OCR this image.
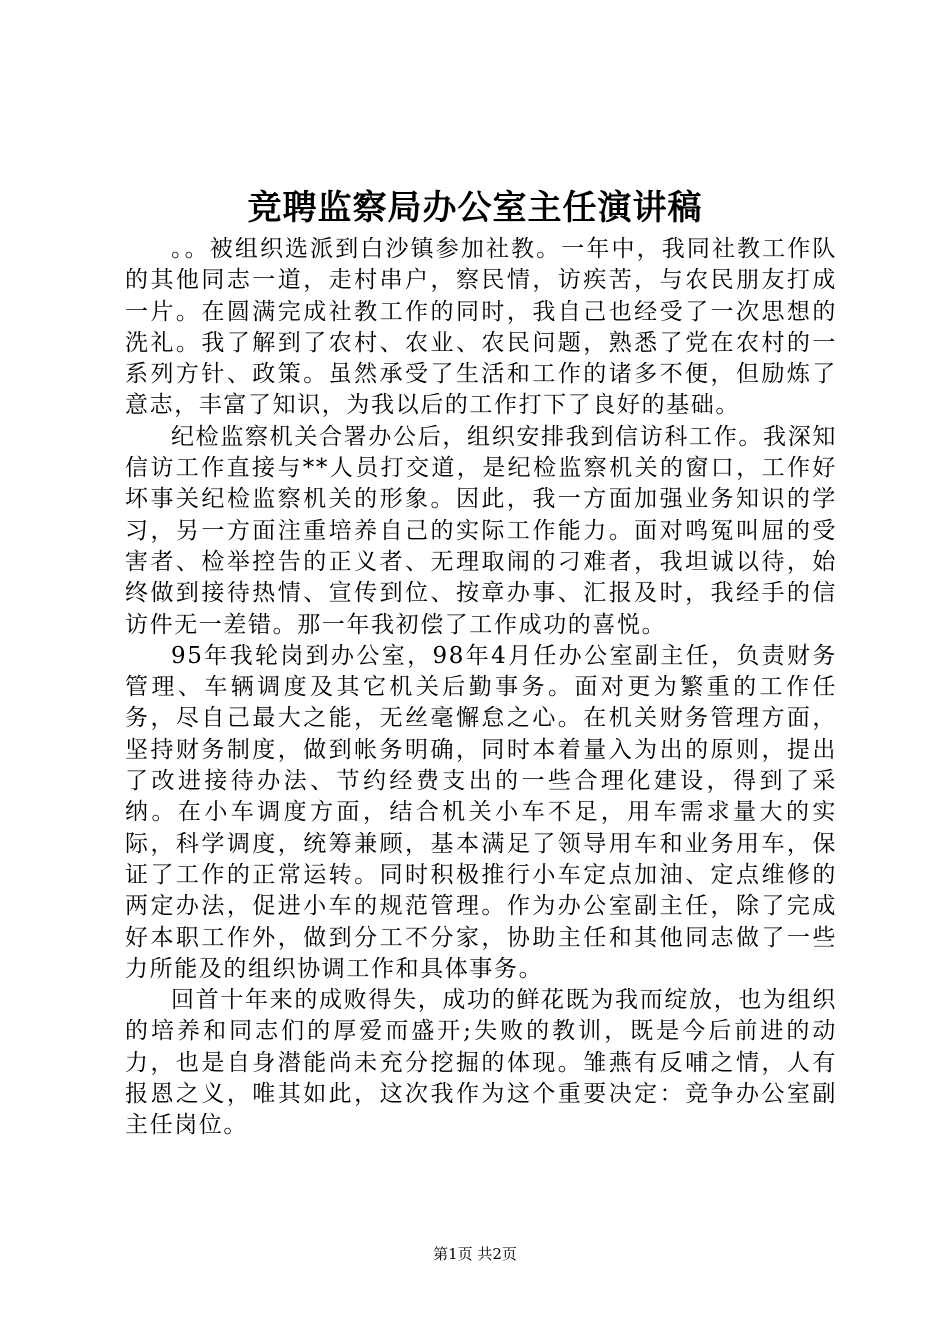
竞聘监察局办公室主任演讲稿

。。被组织选派到白沙镇参加社教。一年中，我同社教工作队的其他同志一道，走村串户，察民情，访疾苦，与农民朋友打成一片。在圆满完成社教工作的同时，我自己也经受了一次思想的洗礼。我了解到了农村、农业、农民问题，熟悉了党在农村的一系列方针、政策。虽然承受了生活和工作的诸多不便，但励炼了意志，丰富了知识，为我以后的工作打下了良好的基础。

纪检监察机关合署办公后，组织安排我到信访科工作。我深知信访工作直接与**人员打交道，是纪检监察机关的窗口，工作好坏事关纪检监察机关的形象。因此，我一方面加强业务知识的学习，另一方面注重培养自己的实际工作能力。面对鸣冤叫屈的受害者、检举控告的正义者、无理取闹的刁难者，我坦诚以待，始终做到接待热情、宣传到位、按章办事、汇报及时，我经手的信访件无一差错。那一年我初偿了工作成功的喜悦。

95年我轮岗到办公室，98年4月任办公室副主任，负责财务管理、车辆调度及其它机关后勤事务。面对更为繁重的工作任务，尽自己最大之能，无丝毫懈怠之心。在机关财务管理方面，坚持财务制度，做到帐务明确，同时本着量入为出的原则，提出了改进接待办法、节约经费支出的一些合理化建设，得到了采纳。在小车调度方面，结合机关小车不足，用车需求量大的实际，科学调度，统筹兼顾，基本满足了领导用车和业务用车，保证了工作的正常运转。同时积极推行小车定点加油、定点维修的两定办法，促进小车的规范管理。作为办公室副主任，除了完成好本职工作外，做到分工不分家，协助主任和其他同志做了一些力所能及的组织协调工作和具体事务。

回首十年来的成败得失，成功的鲜花既为我而绽放，也为组织的培养和同志们的厚爱而盛开;失败的教训，既是今后前进的动力，也是自身潜能尚未充分挖掘的体现。雏燕有反哺之情，人有报恩之义，唯其如此，这次我作为这个重要决定：竞争办公室副主任岗位。

第1页 共2页
